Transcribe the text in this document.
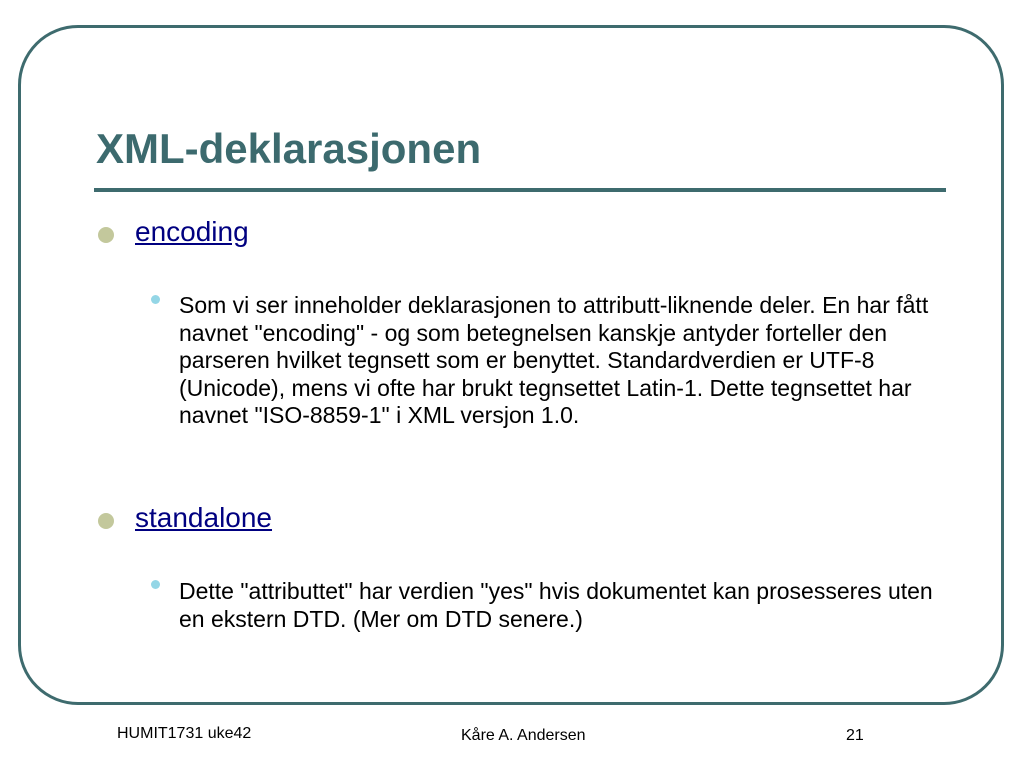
XML-deklarasjonen
encoding

Som vi ser inneholder deklarasjonen to attributt-liknende deler. En har fått navnet "encoding" - og som betegnelsen kanskje antyder forteller den parseren hvilket tegnsett som er benyttet. Standardverdien er UTF-8 (Unicode), mens vi ofte har brukt tegnsettet Latin-1. Dette tegnsettet har navnet "ISO-8859-1" i XML versjon 1.0.

standalone

Dette "attributtet" har verdien "yes" hvis dokumentet kan prosesseres uten en ekstern DTD. (Mer om DTD senere.)

HUMIT1731 uke42	Kåre A. Andersen	21
